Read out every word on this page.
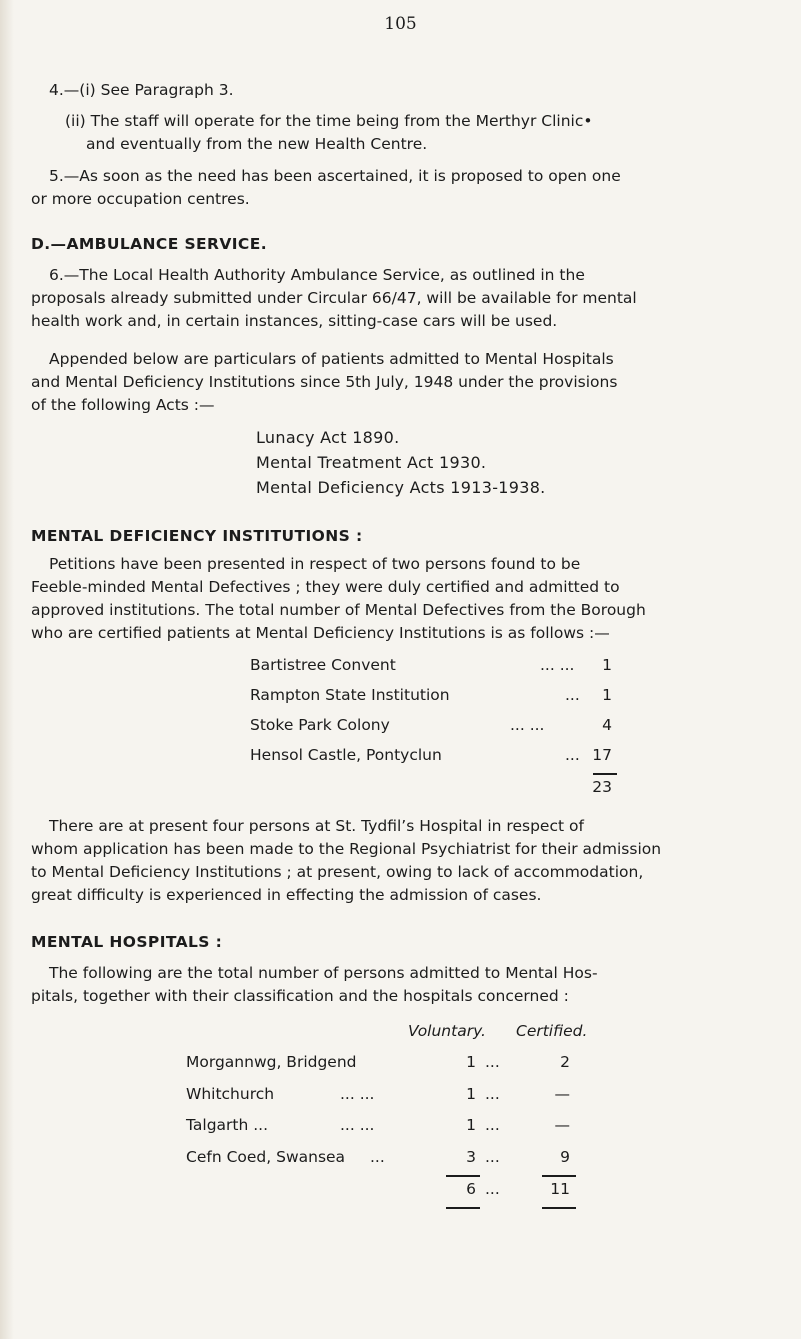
105
4.—(i) See Paragraph 3.
(ii) The staff will operate for the time being from the Merthyr Clinic•
and eventually from the new Health Centre.
5.—As soon as the need has been ascertained, it is proposed to open one
or more occupation centres.
D.—AMBULANCE SERVICE.
6.—The Local Health Authority Ambulance Service, as outlined in the
proposals already submitted under Circular 66/47, will be available for mental
health work and, in certain instances, sitting-case cars will be used.
Appended below are particulars of patients admitted to Mental Hospitals
and Mental Deficiency Institutions since 5th July, 1948 under the provisions
of the following Acts :—
Lunacy Act 1890.
Mental Treatment Act 1930.
Mental Deficiency Acts 1913-1938.
MENTAL DEFICIENCY INSTITUTIONS :
Petitions have been presented in respect of two persons found to be
Feeble-minded Mental Defectives ; they were duly certified and admitted to
approved institutions. The total number of Mental Defectives from the Borough
who are certified patients at Mental Deficiency Institutions is as follows :—
Bartistree Convent	... ...	1
Rampton State Institution	...	1
Stoke Park Colony	... ...	4
Hensol Castle, Pontyclun	... 17
23
There are at present four persons at St. Tydfil’s Hospital in respect of
whom application has been made to the Regional Psychiatrist for their admission
to Mental Deficiency Institutions ; at present, owing to lack of accommodation,
great difficulty is experienced in effecting the admission of cases.
MENTAL HOSPITALS :
The following are the total number of persons admitted to Mental Hos-
pitals, together with their classification and the hospitals concerned :
Voluntary. Certified.
Morgannwg, Bridgend	1 ...	2
Whitchurch	... ...	1 ...	—
Talgarth ...	... ...	1 ...	—
Cefn Coed, Swansea ...	3 ...	9
6 ...	11
